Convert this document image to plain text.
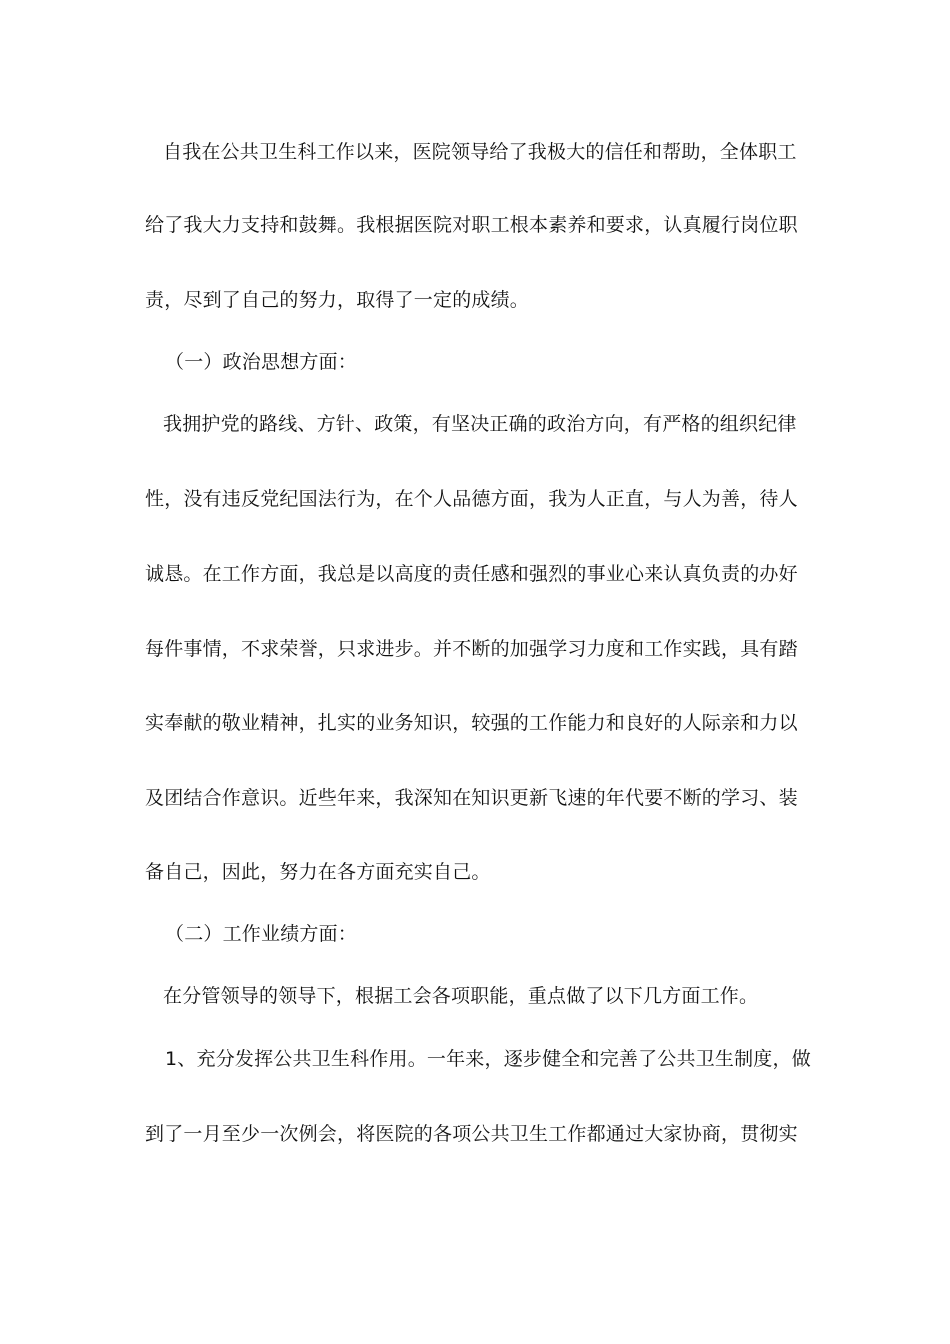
自我在公共卫生科工作以来，医院领导给了我极大的信任和帮助，全体职工
给了我大力支持和鼓舞。我根据医院对职工根本素养和要求，认真履行岗位职
责，尽到了自己的努力，取得了一定的成绩。
（一）政治思想方面：
我拥护党的路线、方针、政策，有坚决正确的政治方向，有严格的组织纪律
性，没有违反党纪国法行为，在个人品德方面，我为人正直，与人为善，待人
诚恳。在工作方面，我总是以高度的责任感和强烈的事业心来认真负责的办好
每件事情，不求荣誉，只求进步。并不断的加强学习力度和工作实践，具有踏
实奉献的敬业精神，扎实的业务知识，较强的工作能力和良好的人际亲和力以
及团结合作意识。近些年来，我深知在知识更新飞速的年代要不断的学习、装
备自己，因此，努力在各方面充实自己。
（二）工作业绩方面：
在分管领导的领导下，根据工会各项职能，重点做了以下几方面工作。
1、充分发挥公共卫生科作用。一年来，逐步健全和完善了公共卫生制度，做
到了一月至少一次例会，将医院的各项公共卫生工作都通过大家协商，贯彻实
